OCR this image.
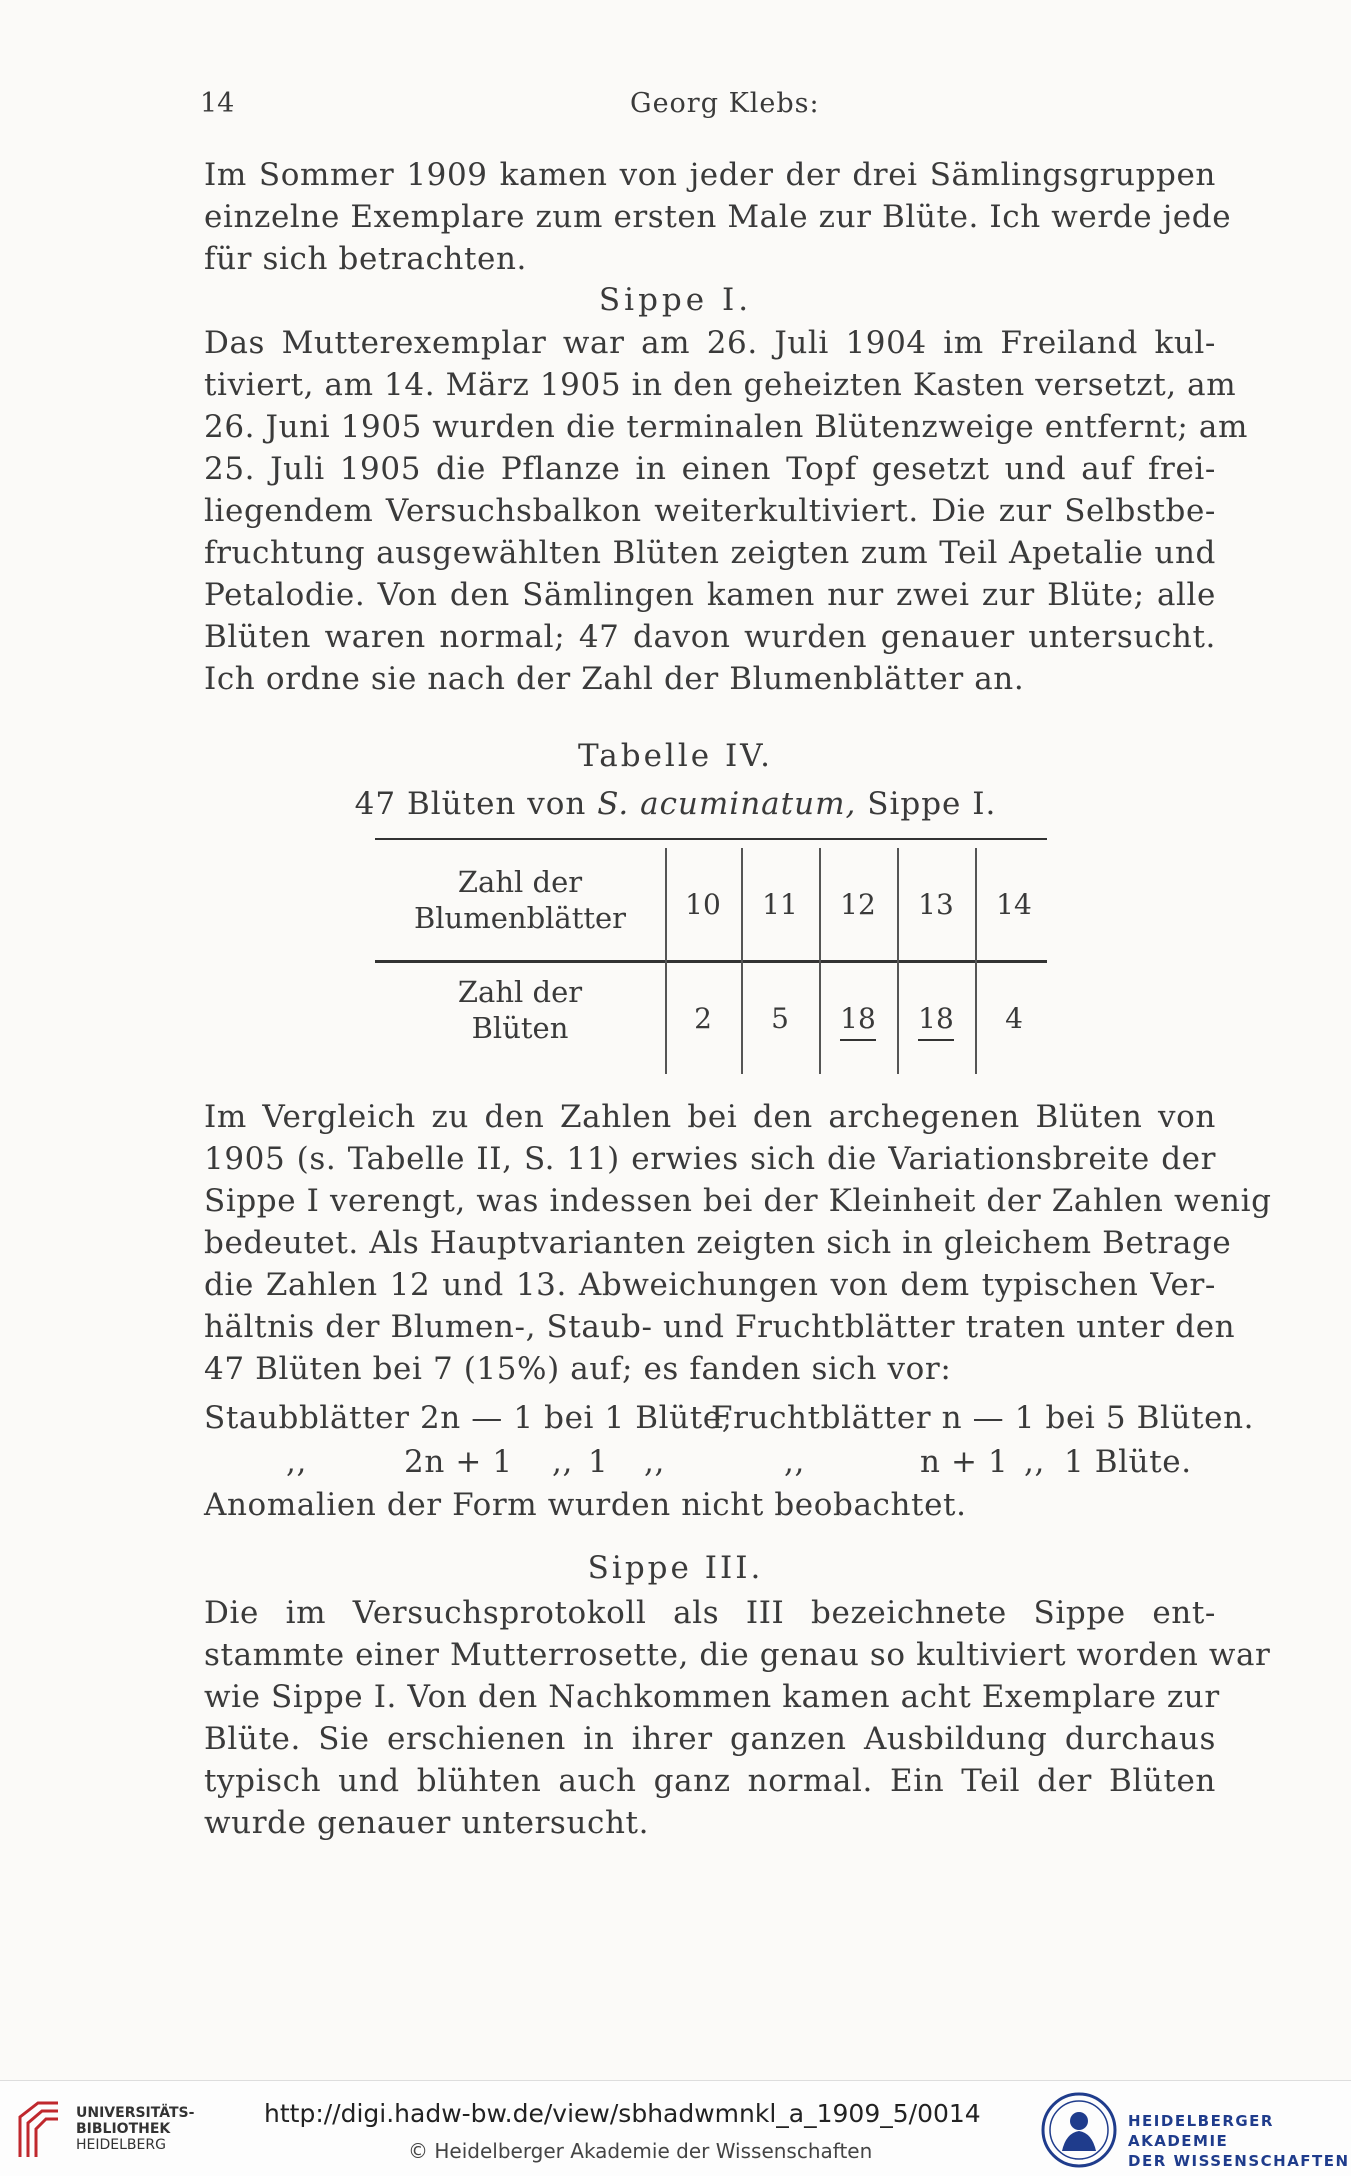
14	Georg Klebs:
Im Sommer 1909 kamen von jeder der drei Sämlingsgruppen
einzelne Exemplare zum ersten Male zur Blüte. Ich werde jede
für sich betrachten.
Sippe I.
Das Mutterexemplar war am 26. Juli 1904 im Freiland kul-
tiviert, am 14. März 1905 in den geheizten Kasten versetzt, am
26. Juni 1905 wurden die terminalen Blütenzweige entfernt; am
25. Juli 1905 die Pflanze in einen Topf gesetzt und auf frei-
liegendem Versuchsbalkon weiterkultiviert. Die zur Selbstbe-
fruchtung ausgewählten Blüten zeigten zum Teil Apetalie und
Petalodie. Von den Sämlingen kamen nur zwei zur Blüte; alle
Blüten waren normal; 47 davon wurden genauer untersucht.
Ich ordne sie nach der Zahl der Blumenblätter an.
Tabelle IV.
47 Blüten von S. acuminatum, Sippe I.
Zahl der
Blumenblätter	10	11	12	13	14
Zahl der
Blüten	2	5	18	18	4
Im Vergleich zu den Zahlen bei den archegenen Blüten von
1905 (s. Tabelle II, S. 11) erwies sich die Variationsbreite der
Sippe I verengt, was indessen bei der Kleinheit der Zahlen wenig
bedeutet. Als Hauptvarianten zeigten sich in gleichem Betrage
die Zahlen 12 und 13. Abweichungen von dem typischen Ver-
hältnis der Blumen-, Staub- und Fruchtblätter traten unter den
47 Blüten bei 7 (15%) auf; es fanden sich vor:
Staubblätter 2n — 1 bei 1 Blüte,
Fruchtblätter n — 1 bei 5 Blüten.
,,	2n + 1 ,, 1 ,,	,,	n + 1 ,, 1 Blüte.
Anomalien der Form wurden nicht beobachtet.
Sippe III.
Die im Versuchsprotokoll als III bezeichnete Sippe ent-
stammte einer Mutterrosette, die genau so kultiviert worden war
wie Sippe I. Von den Nachkommen kamen acht Exemplare zur
Blüte. Sie erschienen in ihrer ganzen Ausbildung durchaus
typisch und blühten auch ganz normal. Ein Teil der Blüten
wurde genauer untersucht.
UNIVERSITÄTS-
BIBLIOTHEK
HEIDELBERG
http://digi.hadw-bw.de/view/sbhadwmnkl_a_1909_5/0014
© Heidelberger Akademie der Wissenschaften
HEIDELBERGER AKADEMIE
DER WISSENSCHAFTEN
